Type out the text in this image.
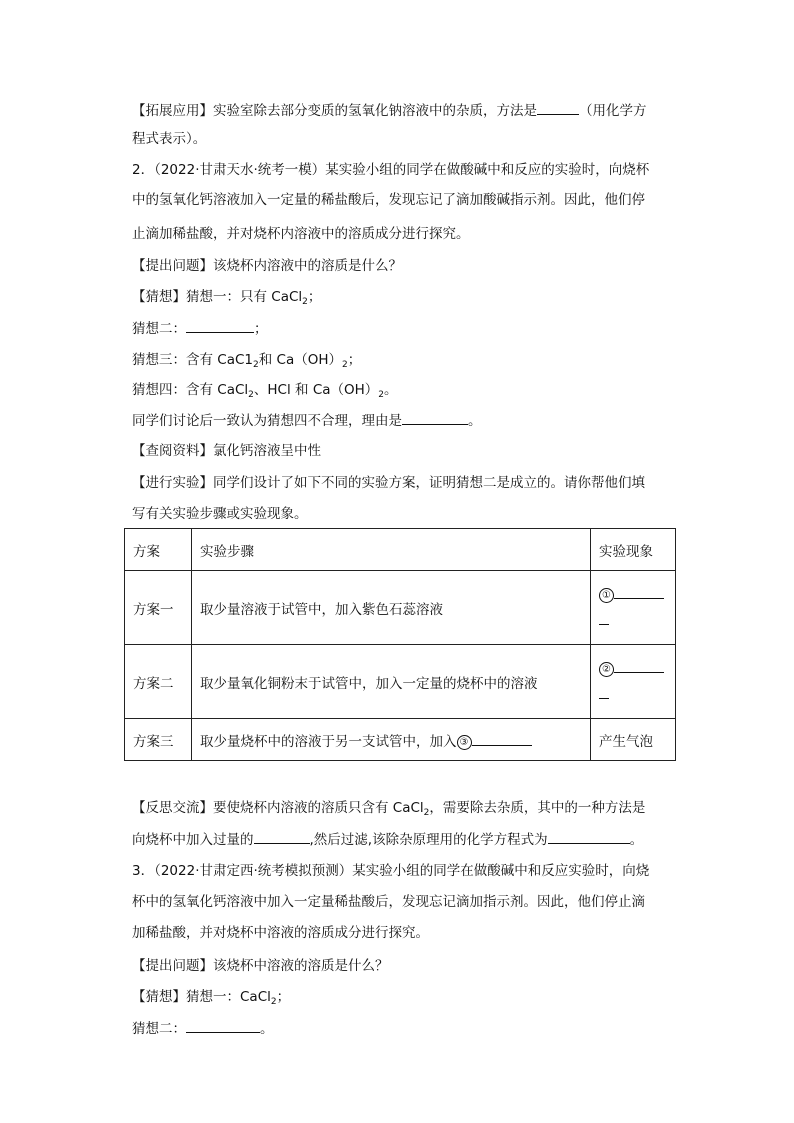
【拓展应用】实验室除去部分变质的氢氧化钠溶液中的杂质，方法是	（用化学方
程式表示）。
2．（2022·甘肃天水·统考一模）某实验小组的同学在做酸碱中和反应的实验时，向烧杯
中的氢氧化钙溶液加入一定量的稀盐酸后，发现忘记了滴加酸碱指示剂。因此，他们停
止滴加稀盐酸，并对烧杯内溶液中的溶质成分进行探究。
【提出问题】该烧杯内溶液中的溶质是什么？
【猜想】猜想一：只有 CaCl$_2$；
猜想二：	；
猜想三：含有 $CaC1_2$和 $Ca(OH)_2$；
猜想四：含有 CaCl$_2$、HCl 和 $Ca(OH)_2$。
同学们讨论后一致认为猜想四不合理，理由是	。
【查阅资料】氯化钙溶液呈中性
【进行实验】同学们设计了如下不同的实验方案，证明猜想二是成立的。请你帮他们填
写有关实验步骤或实验现象。
方案	实验步骤	实验现象
方案一	取少量溶液于试管中，加入紫色石蕊溶液	①

方案二	取少量氧化铜粉末于试管中，加入一定量的烧杯中的溶液	②

方案三	取少量烧杯中的溶液于另一支试管中，加入 ③	产生气泡
【反思交流】要使烧杯内溶液的溶质只含有 CaCl$_2$，需要除去杂质，其中的一种方法是
向烧杯中加入过量的	,然后过滤,该除杂原理用的化学方程式为	。
3．（2022·甘肃定西·统考模拟预测）某实验小组的同学在做酸碱中和反应实验时，向烧
杯中的氢氧化钙溶液中加入一定量稀盐酸后，发现忘记滴加指示剂。因此，他们停止滴
加稀盐酸，并对烧杯中溶液的溶质成分进行探究。
【提出问题】该烧杯中溶液的溶质是什么？
【猜想】猜想一：CaCl$_2$；
猜想二：	。
